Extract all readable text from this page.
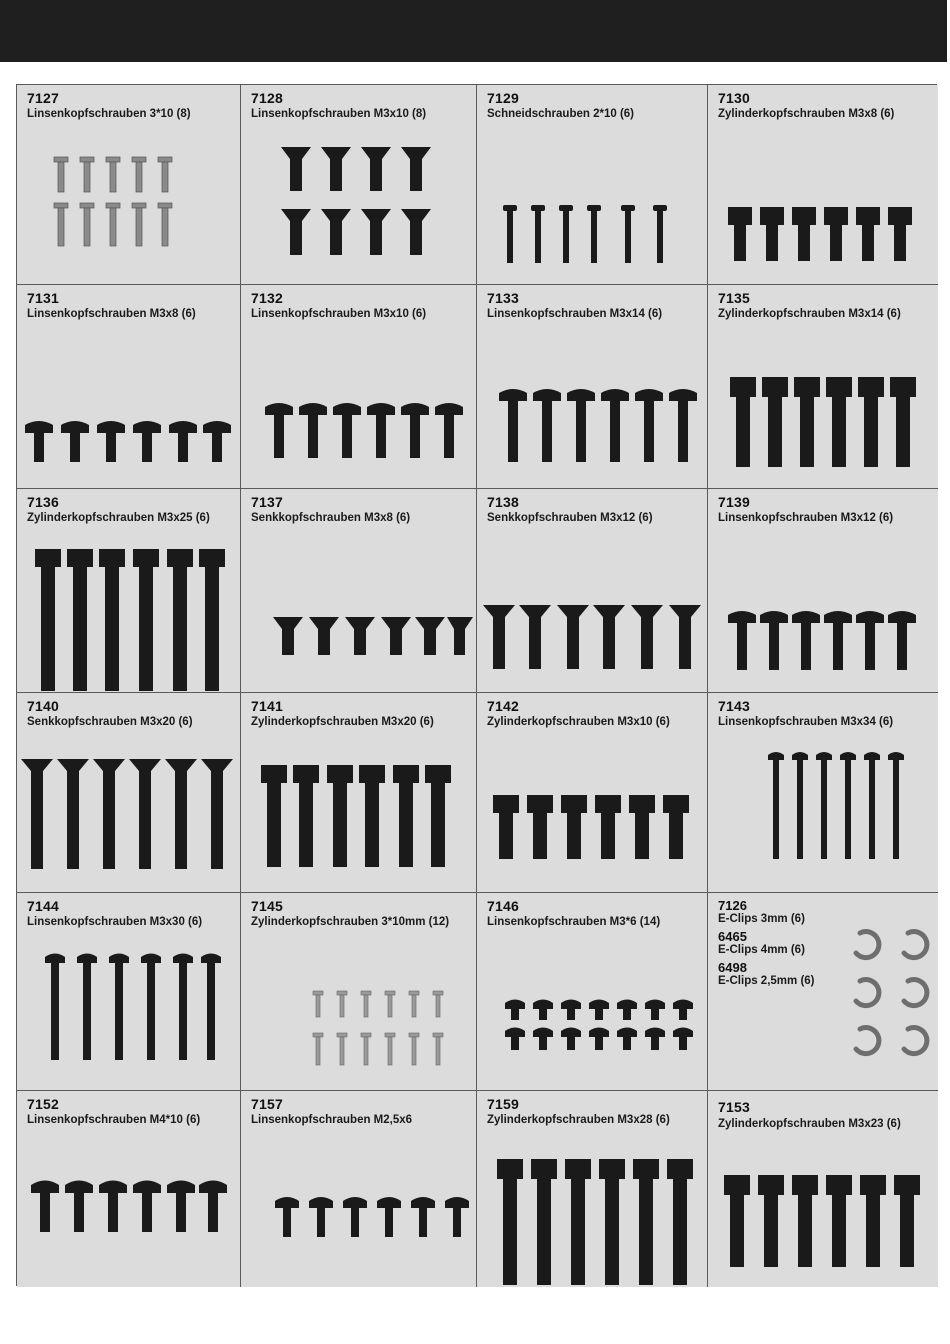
7127
Linsenkopfschrauben 3*10 (8)
7128
Linsenkopfschrauben M3x10 (8)
7129
Schneidschrauben 2*10 (6)
7130
Zylinderkopfschrauben M3x8 (6)
7131
Linsenkopfschrauben M3x8 (6)
7132
Linsenkopfschrauben M3x10 (6)
7133
Linsenkopfschrauben M3x14 (6)
7135
Zylinderkopfschrauben M3x14 (6)
7136
Zylinderkopfschrauben M3x25 (6)
7137
Senkkopfschrauben M3x8 (6)
7138
Senkkopfschrauben M3x12 (6)
7139
Linsenkopfschrauben M3x12 (6)
7140
Senkkopfschrauben M3x20 (6)
7141
Zylinderkopfschrauben M3x20 (6)
7142
Zylinderkopfschrauben M3x10 (6)
7143
Linsenkopfschrauben M3x34 (6)
7144
Linsenkopfschrauben M3x30 (6)
7145
Zylinderkopfschrauben 3*10mm (12)
7146
Linsenkopfschrauben M3*6 (14)
7126
E-Clips 3mm (6)
6465
E-Clips 4mm (6)
6498
E-Clips 2,5mm (6)
7152
Linsenkopfschrauben M4*10 (6)
7157
Linsenkopfschrauben M2,5x6
7159
Zylinderkopfschrauben M3x28 (6)
7153
Zylinderkopfschrauben M3x23 (6)
